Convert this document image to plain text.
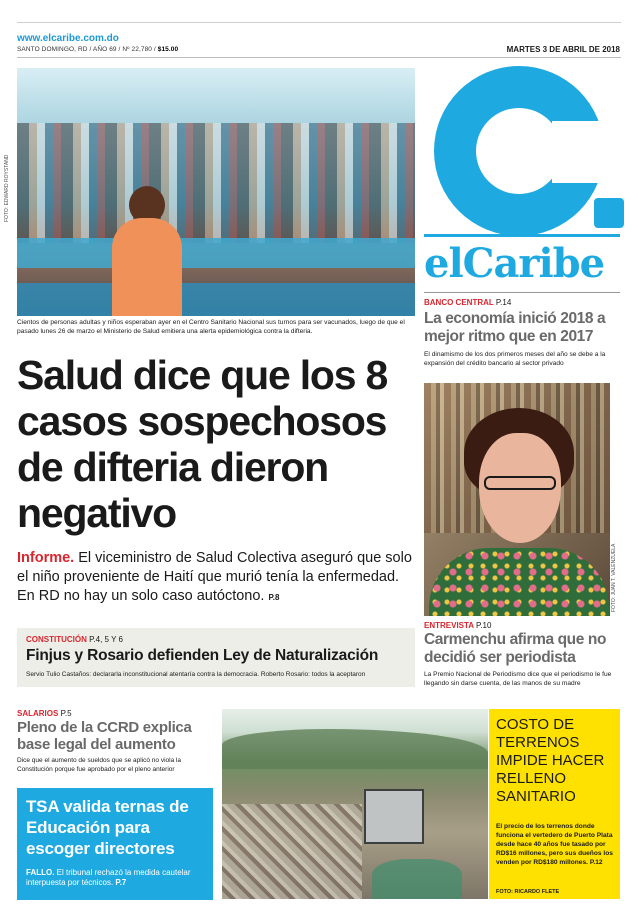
www.elcaribe.com.do
SANTO DOMINGO, RD / AÑO 69 / Nº 22,780 / $15.00	MARTES 3 DE ABRIL DE 2018
FOTO: EDWARD ROYSTAND
Cientos de personas adultas y niños esperaban ayer en el Centro Sanitario Nacional sus turnos para ser vacunados, luego de que el pasado lunes 26 de marzo el Ministerio de Salud emitiera una alerta epidemiológica contra la difteria.
Salud dice que los 8 casos sospechosos de difteria dieron negativo
Informe. El viceministro de Salud Colectiva aseguró que solo el niño proveniente de Haití que murió tenía la enfermedad. En RD no hay un solo caso autóctono. P.8
CONSTITUCIÓN P.4, 5 Y 6
Finjus y Rosario defienden Ley de Naturalización
Servio Tulio Castaños: declararla inconstitucional atentaría contra la democracia. Roberto Rosario: todos la aceptaron
SALARIOS P.5
Pleno de la CCRD explica base legal del aumento
Dice que el aumento de sueldos que se aplicó no viola la Constitución porque fue aprobado por el pleno anterior
TSA valida ternas de Educación para escoger directores
FALLO. El tribunal rechazó la medida cautelar interpuesta por técnicos. P.7
COSTO DE TERRENOS IMPIDE HACER RELLENO SANITARIO
El precio de los terrenos donde funciona el vertedero de Puerto Plata desde hace 40 años fue tasado por RD$16 millones, pero sus dueños los venden por RD$180 millones. P.12
FOTO: RICARDO FLETE
elCaribe
BANCO CENTRAL P.14
La economía inició 2018 a mejor ritmo que en 2017
El dinamismo de los dos primeros meses del año se debe a la expansión del crédito bancario al sector privado
FOTO: JUAN T. VALENZUELA
ENTREVISTA P.10
Carmenchu afirma que no decidió ser periodista
La Premio Nacional de Periodismo dice que el periodismo le fue llegando sin darse cuenta, de las manos de su madre
